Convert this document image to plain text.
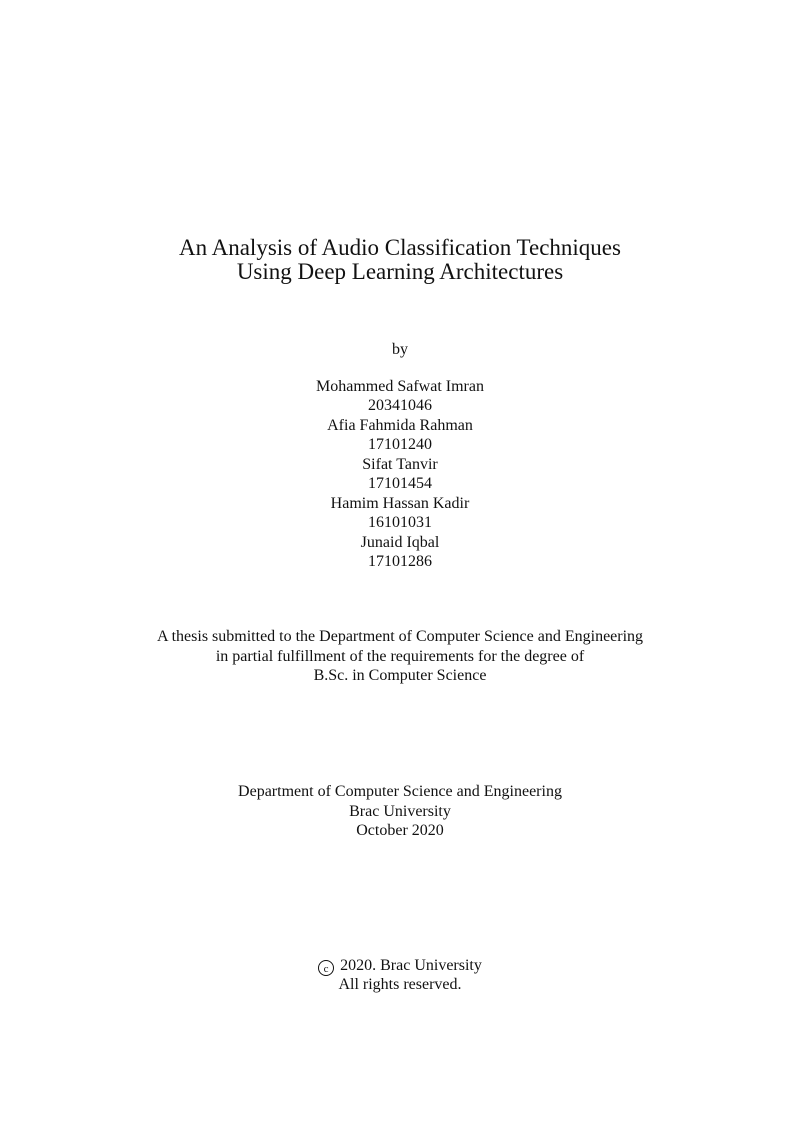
An Analysis of Audio Classification Techniques
Using Deep Learning Architectures
by
Mohammed Safwat Imran
20341046
Afia Fahmida Rahman
17101240
Sifat Tanvir
17101454
Hamim Hassan Kadir
16101031
Junaid Iqbal
17101286
A thesis submitted to the Department of Computer Science and Engineering
in partial fulfillment of the requirements for the degree of
B.Sc. in Computer Science
Department of Computer Science and Engineering
Brac University
October 2020
c 2020. Brac University
All rights reserved.
